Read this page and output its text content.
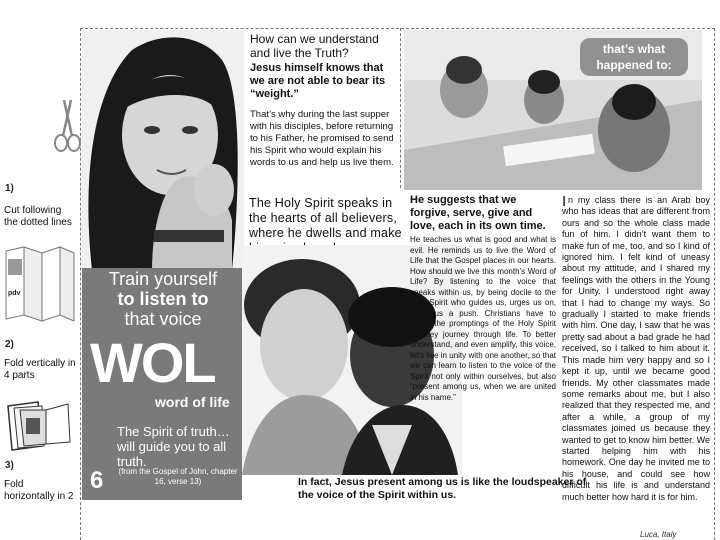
1)
Cut following the dotted lines
pdv
2)
Fold vertically in 4 parts
3)
Fold horizontally in 2
How can we understand and live the Truth?
Jesus himself knows that we are not able to bear its “weight.”
That’s why during the last supper with his disciples, before returning to his Father, he promised to send his Spirit who would explain his words to us and help us live them.
The Holy Spirit speaks in the hearts of all believers, where he dwells and make
that’s what happened to:
Train yourself
to listen to
that voice
WOL
word of life
The Spirit of truth…will guide you to all truth.
6	(from the Gospel of John, chapter 16, verse 13)
He suggests that we forgive, serve, give and love, each in its own time.
He teaches us what is good and what is evil. He reminds us to live the Word of Life that the Gospel places in our hearts. How should we live this month’s Word of Life? By listening to the voice that speaks within us, by being docile to the Holy Spirit who guides us, urges us on, gives us a push. Christians have to follow the promptings of the Holy Spirit as they journey through life. To better understand, and even amplify, this voice, let’s live in unity with one another, so that we can learn to listen to the voice of the Spirit not only within ourselves, but also “present among us, when we are united in his name.”
In fact, Jesus present among us is like the loudspeaker of the voice of the Spirit within us.
I n my class there is an Arab boy who has ideas that are different from ours and so the whole class made fun of him. I didn’t want them to make fun of me, too, and so I kind of ignored him. I felt kind of uneasy about my attitude, and I shared my feelings with the others in the Young for Unity. I understood right away that I had to change my ways. So gradually I started to make friends with him. One day, I saw that he was pretty sad about a bad grade he had received, so I talked to him about it. This made him very happy and so I kept it up, until we became good friends. My other classmates made some remarks about me, but I also realized that they respected me, and after a while, a group of my classmates joined us because they wanted to get to know him better. We started helping him with his homework. One day he invited me to his house, and could see how difficult his life is and understand much better how hard it is for him.
Luca, Italy
